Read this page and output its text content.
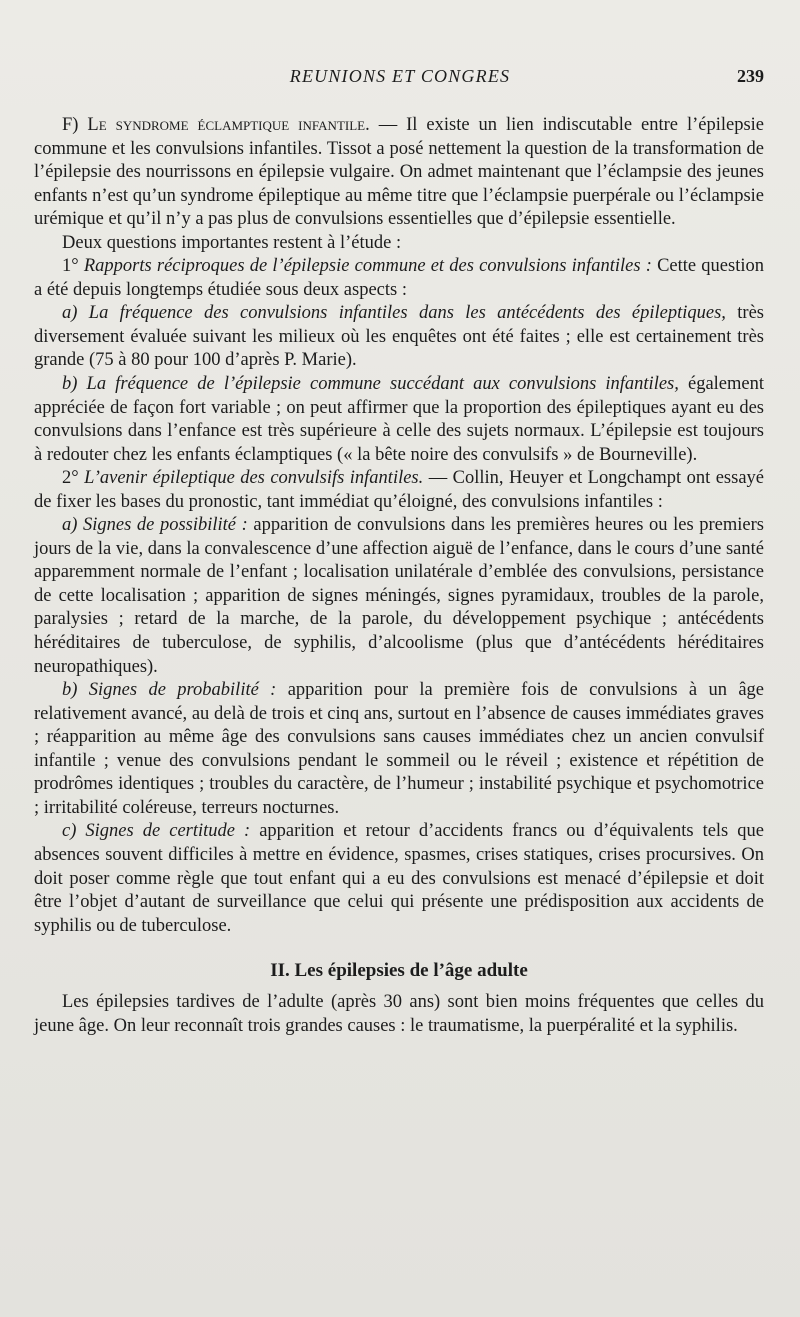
REUNIONS ET CONGRES	239

F) Le syndrome éclamptique infantile. — Il existe un lien indiscutable entre l’épilepsie commune et les convulsions infantiles. Tissot a posé nettement la question de la transformation de l’épilepsie des nourrissons en épilepsie vulgaire. On admet maintenant que l’éclampsie des jeunes enfants n’est qu’un syndrome épileptique au même titre que l’éclampsie puerpérale ou l’éclampsie urémique et qu’il n’y a pas plus de convulsions essentielles que d’épilepsie essentielle.

Deux questions importantes restent à l’étude :

1° Rapports réciproques de l’épilepsie commune et des convulsions infantiles : Cette question a été depuis longtemps étudiée sous deux aspects :

a) La fréquence des convulsions infantiles dans les antécédents des épileptiques, très diversement évaluée suivant les milieux où les enquêtes ont été faites ; elle est certainement très grande (75 à 80 pour 100 d’après P. Marie).

b) La fréquence de l’épilepsie commune succédant aux convulsions infantiles, également appréciée de façon fort variable ; on peut affirmer que la proportion des épileptiques ayant eu des convulsions dans l’enfance est très supérieure à celle des sujets normaux. L’épilepsie est toujours à redouter chez les enfants éclamptiques (« la bête noire des convulsifs » de Bourneville).

2° L’avenir épileptique des convulsifs infantiles. — Collin, Heuyer et Longchampt ont essayé de fixer les bases du pronostic, tant immédiat qu’éloigné, des convulsions infantiles :

a) Signes de possibilité : apparition de convulsions dans les premières heures ou les premiers jours de la vie, dans la convalescence d’une affection aiguë de l’enfance, dans le cours d’une santé apparemment normale de l’enfant ; localisation unilatérale d’emblée des convulsions, persistance de cette localisation ; apparition de signes méningés, signes pyramidaux, troubles de la parole, paralysies ; retard de la marche, de la parole, du développement psychique ; antécédents héréditaires de tuberculose, de syphilis, d’alcoolisme (plus que d’antécédents héréditaires neuropathiques).

b) Signes de probabilité : apparition pour la première fois de convulsions à un âge relativement avancé, au delà de trois et cinq ans, surtout en l’absence de causes immédiates graves ; réapparition au même âge des convulsions sans causes immédiates chez un ancien convulsif infantile ; venue des convulsions pendant le sommeil ou le réveil ; existence et répétition de prodrômes identiques ; troubles du caractère, de l’humeur ; instabilité psychique et psychomotrice ; irritabilité coléreuse, terreurs nocturnes.

c) Signes de certitude : apparition et retour d’accidents francs ou d’équivalents tels que absences souvent difficiles à mettre en évidence, spasmes, crises statiques, crises procursives. On doit poser comme règle que tout enfant qui a eu des convulsions est menacé d’épilepsie et doit être l’objet d’autant de surveillance que celui qui présente une prédisposition aux accidents de syphilis ou de tuberculose.

II. Les épilepsies de l’âge adulte

Les épilepsies tardives de l’adulte (après 30 ans) sont bien moins fréquentes que celles du jeune âge. On leur reconnaît trois grandes causes : le traumatisme, la puerpéralité et la syphilis.
